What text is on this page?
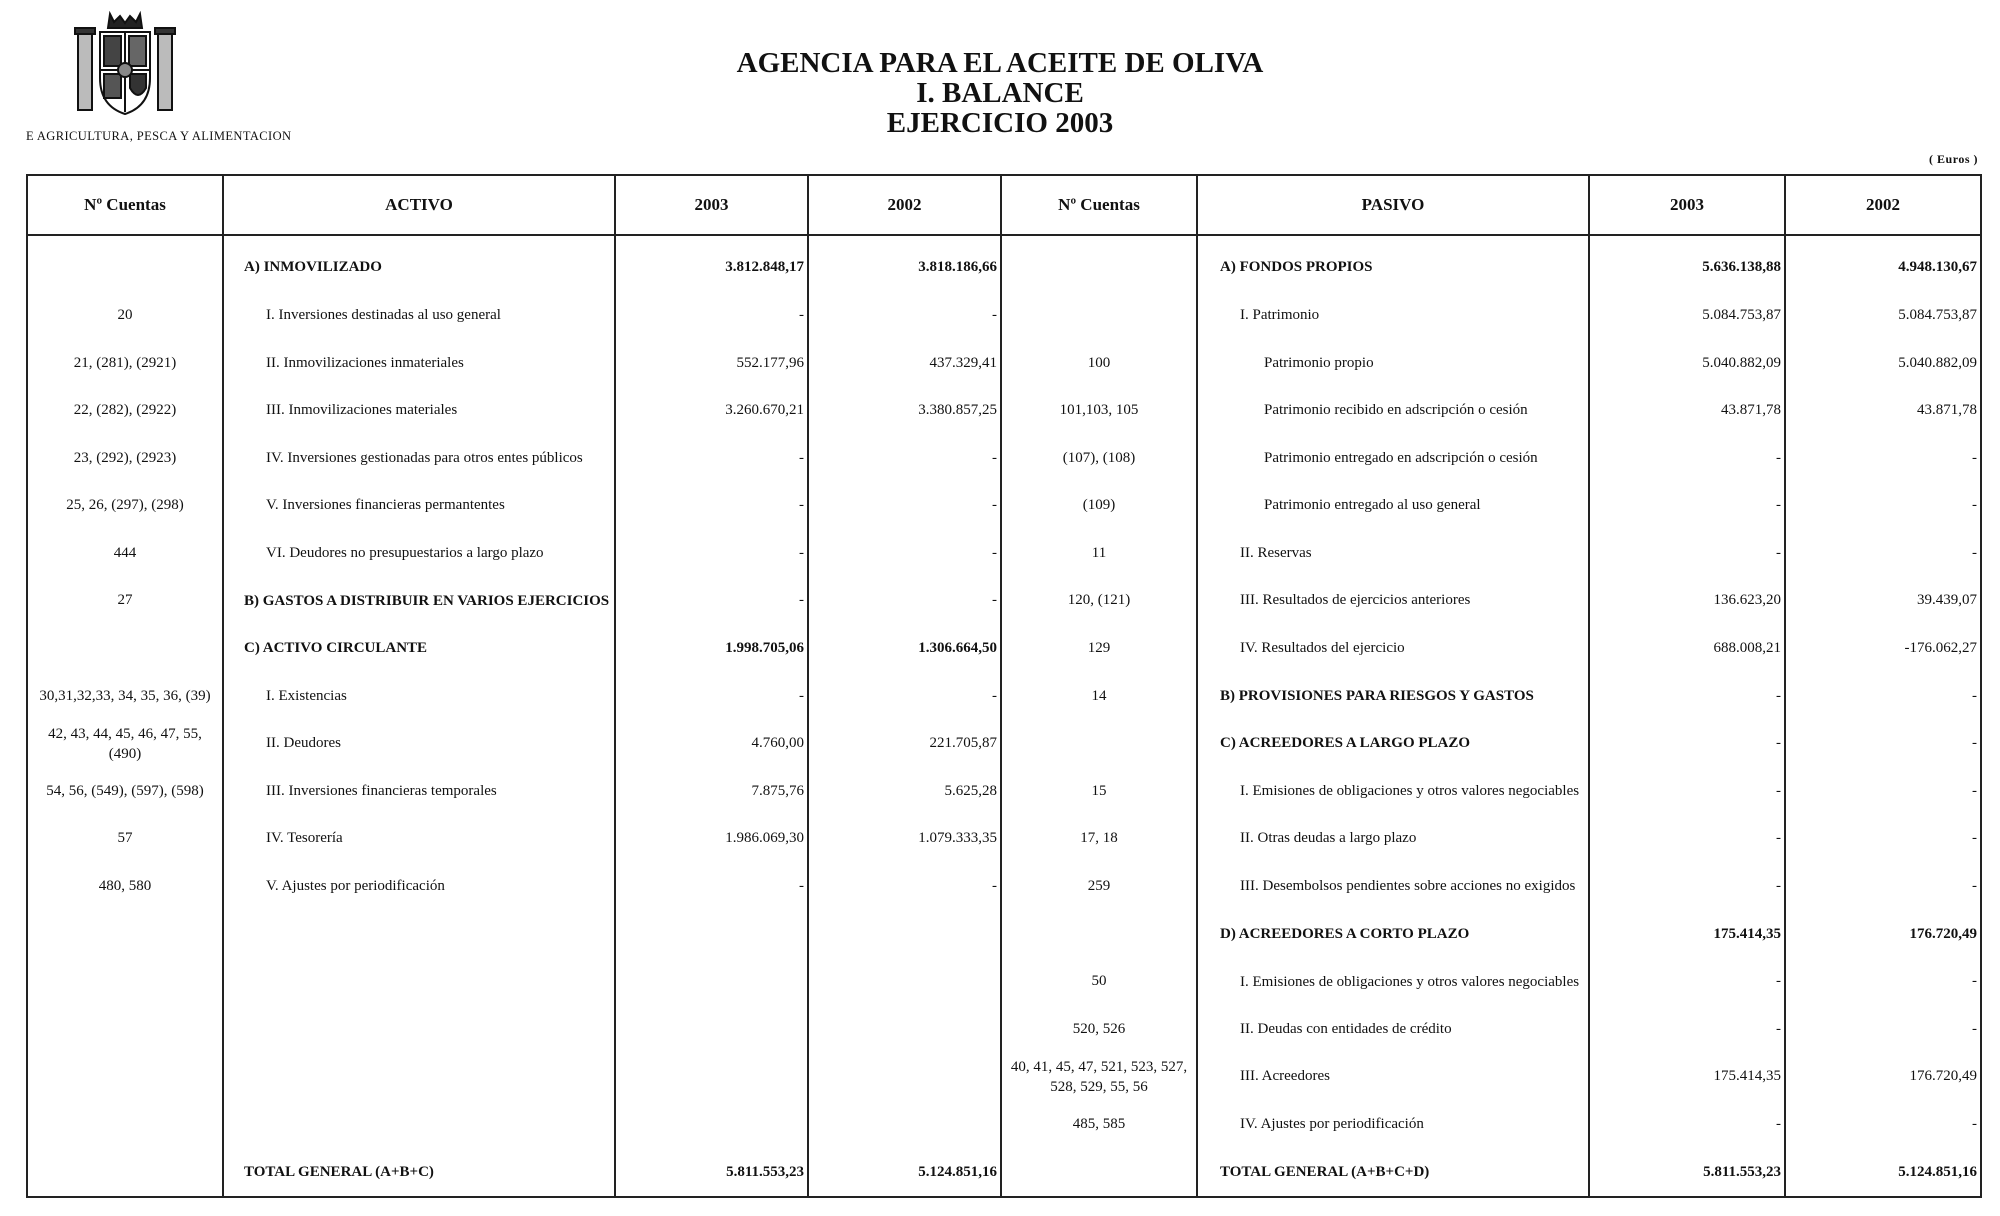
E AGRICULTURA, PESCA Y ALIMENTACION
AGENCIA PARA EL ACEITE DE OLIVA
I. BALANCE
EJERCICIO 2003
( Euros )
Nº Cuentas	ACTIVO	2003	2002	Nº Cuentas	PASIVO	2003	2002
	A) INMOVILIZADO	3.812.848,17	3.818.186,66		A) FONDOS PROPIOS	5.636.138,88	4.948.130,67
20	I. Inversiones destinadas al uso general	-	-		I. Patrimonio	5.084.753,87	5.084.753,87
21, (281), (2921)	II. Inmovilizaciones inmateriales	552.177,96	437.329,41	100	Patrimonio propio	5.040.882,09	5.040.882,09
22, (282), (2922)	III. Inmovilizaciones materiales	3.260.670,21	3.380.857,25	101,103, 105	Patrimonio recibido en adscripción o cesión	43.871,78	43.871,78
23, (292), (2923)	IV. Inversiones gestionadas para otros entes públicos	-	-	(107), (108)	Patrimonio entregado en adscripción o cesión	-	-
25, 26, (297), (298)	V. Inversiones financieras permantentes	-	-	(109)	Patrimonio entregado al uso general	-	-
444	VI. Deudores no presupuestarios a largo plazo	-	-	11	II. Reservas	-	-
27	B) GASTOS A DISTRIBUIR EN VARIOS EJERCICIOS	-	-	120, (121)	III. Resultados de ejercicios anteriores	136.623,20	39.439,07
	C) ACTIVO CIRCULANTE	1.998.705,06	1.306.664,50	129	IV. Resultados del ejercicio	688.008,21	-176.062,27
30,31,32,33, 34, 35, 36, (39)	I. Existencias	-	-	14	B) PROVISIONES PARA RIESGOS Y GASTOS	-	-
42, 43, 44, 45, 46, 47, 55, (490)	II. Deudores	4.760,00	221.705,87		C) ACREEDORES A LARGO PLAZO	-	-
54, 56, (549), (597), (598)	III. Inversiones financieras temporales	7.875,76	5.625,28	15	I. Emisiones de obligaciones y otros valores negociables	-	-
57	IV. Tesorería	1.986.069,30	1.079.333,35	17, 18	II. Otras deudas a largo plazo	-	-
480, 580	V. Ajustes por periodificación	-	-	259	III. Desembolsos pendientes sobre acciones no exigidos	-	-
					D) ACREEDORES A CORTO PLAZO	175.414,35	176.720,49
				50	I. Emisiones de obligaciones y otros valores negociables	-	-
				520, 526	II. Deudas con entidades de crédito	-	-
				40, 41, 45, 47, 521, 523, 527, 528, 529, 55, 56	III. Acreedores	175.414,35	176.720,49
				485, 585	IV. Ajustes por periodificación	-	-
	TOTAL GENERAL (A+B+C)	5.811.553,23	5.124.851,16		TOTAL GENERAL (A+B+C+D)	5.811.553,23	5.124.851,16
